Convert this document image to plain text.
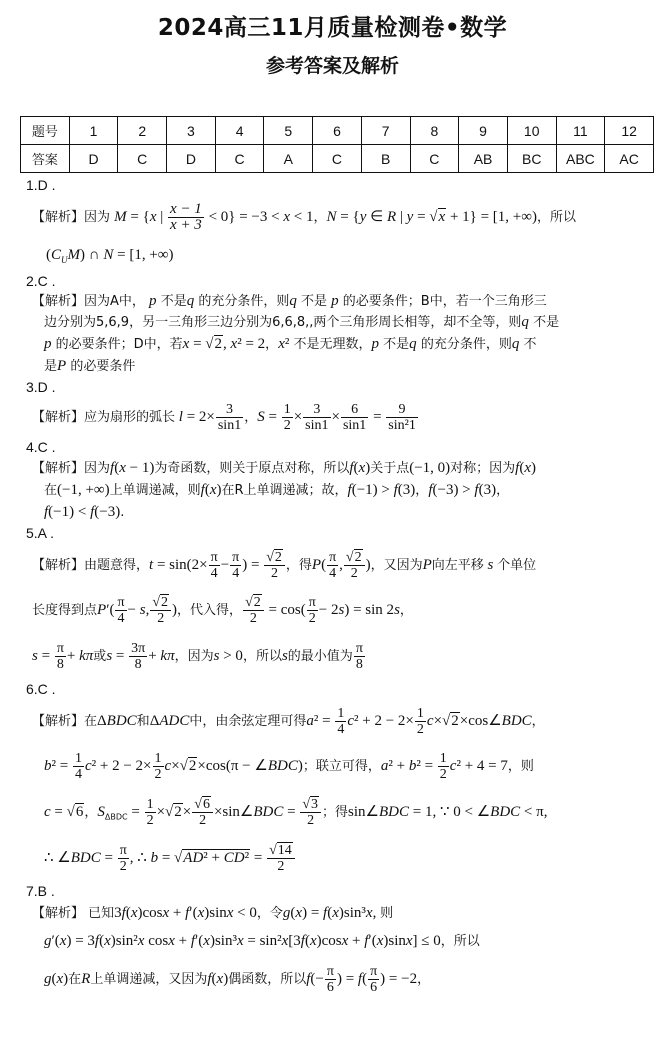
2024高三11月质量检测卷•数学
参考答案及解析
题号	1	2	3	4	5	6	7	8	9	10	11	12
答案	D	C	D	C	A	C	B	C	AB	BC	ABC	AC
1.D .
【解析】因为 M = {x | $\frac{x - 1}{x + 3} < 0\} = -3 < x < 1$，N = {y ∈ R | y = √x + 1} = [1, +∞)，所以
$(C_UM)$ ∩ N = [1, +∞)
2.C .
【解析】因为A中， p 不是q 的充分条件，则q 不是 p 的必要条件；B中，若一个三角形三
边分别为5,6,9，另一三角形三边分别为6,6,8,,两个三角形周长相等，却不全等，则q 不是
p 的必要条件；D中，若x = √2, x² = 2，x² 不是无理数，p 不是q 的充分条件，则q 不
是P 的必要条件
3.D .
【解析】应为扇形的弧长 $l = 2\times \frac{3}{\sin 1}$ ，$S = \frac{1}{2} \times \frac{3}{\sin 1} \times \frac{6}{\sin 1} = \frac{9}{\text{sin²1}}$
4.C .
【解析】因为f(x − 1)为奇函数，则关于原点对称，所以f(x)关于点(−1, 0)对称；因为f(x)
在(−1, +∞)上单调递减，则f(x)在R上单调递减；故，f(−1) > f(3)，f(−3) > f(3)，
f(−1) < f(−3).
5.A .
【解析】由题意得，$t = \sin(2\times \frac{\pi}{4} - \frac{\pi}{4}$ ) = $\frac{√2}{2}$ ，得$P( \frac{\pi}{4}$ , $\frac{√2}{2}$ )，又因为P向左平移 s 个单位
长度得到点$P'( \frac{\pi}{4} - s$, $\frac{√2}{2}$ )，代入得， $\frac{√2}{2} = \cos( \frac{\pi}{2} - 2s) = \sin 2s$，
$s = \frac{\pi}{8} + k\pi$或$s = \frac{3\pi}{8} + k\pi$，因为s > 0，所以s的最小值为 $\frac{\pi}{8}$
6.C .
【解析】在ΔBDC和ΔADC中，由余弦定理可得$a^2 = \frac{1}{4} c^2 + 2 - 2\times \frac{1}{2}$ c×√2×cos∠BDC，
$b^2 = \frac{1}{4} c^2 + 2 - 2\times \frac{1}{2} c\times√2\times\cos(\pi$ − ∠BDC)；联立可得，$a^2 + b^2 = \frac{1}{2} c^2 + 4 = 7$，则
c = √6，$S_{\Delta BDC} = \frac{1}{2} \times√2\times \frac{√6}{2}$ ×sin∠BDC = $\frac{√3}{2}$ ；得sin∠BDC = 1, ∵ 0 < ∠BDC < π,
∴ ∠BDC = $\frac{\pi}{2}$ , ∴ $b = √AD^2 + CD^2 = \frac{√14}{2}$
7.B .
【解析】 已知3f(x)cosx + f′(x)sinx < 0，令g(x) = f(x)sin³x, 则
g′(x) = 3f(x)sin²x cosx + f′(x)sin³x = sin²x[3f(x)cosx + f′(x)sinx] ≤ 0，所以
g(x)在R上单调递减，又因为f(x)偶函数，所以$f(- \frac{\pi}{6}$ ) = $f( \frac{\pi}{6}$ ) = −2，
